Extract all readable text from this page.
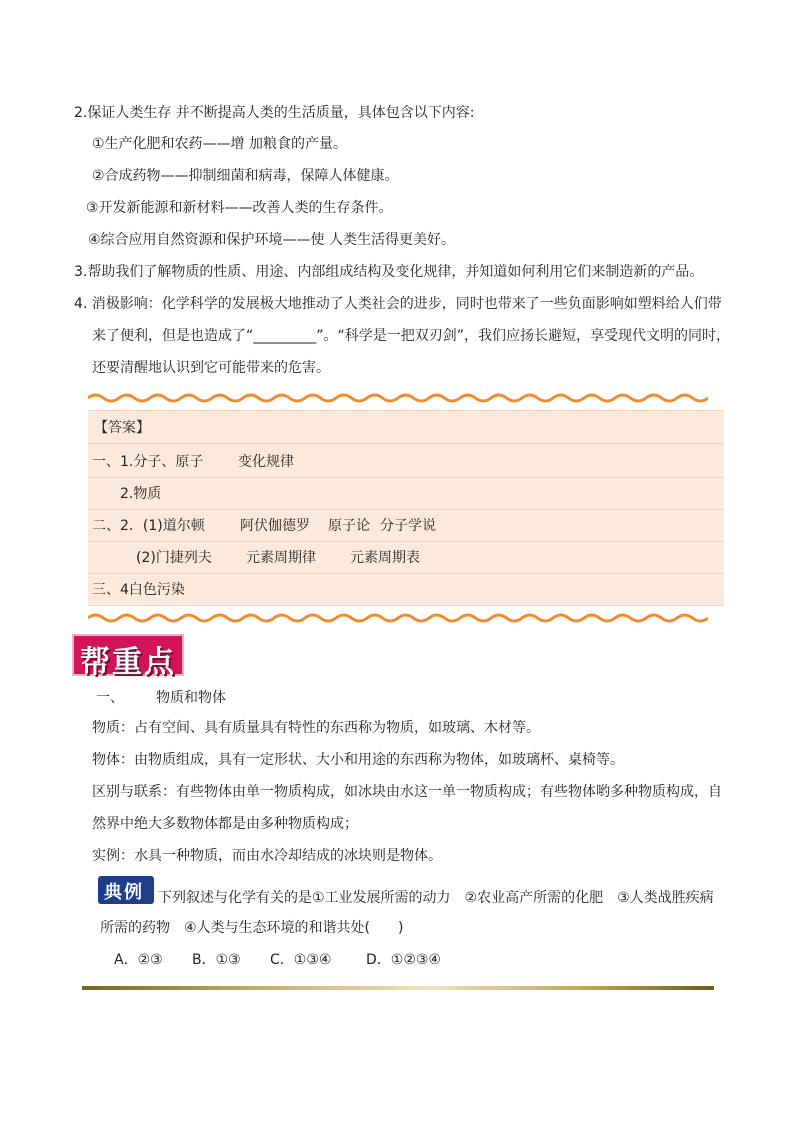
2.保证人类生存 并不断提高人类的生活质量，具体包含以下内容:
①生产化肥和农药——增 加粮食的产量。
②合成药物——抑制细菌和病毒，保障人体健康。
③开发新能源和新材料——改善人类的生存条件。
④综合应用自然资源和保护环境——使 人类生活得更美好。
3.帮助我们了解物质的性质、用途、内部组成结构及变化规律，并知道如何利用它们来制造新的产品。
4. 消极影响：化学科学的发展极大地推动了人类社会的进步，同时也带来了一些负面影响如塑料给人们带
来了便利，但是也造成了“_________”。“科学是一把双刃剑”，我们应扬长避短，享受现代文明的同时，
还要清醒地认识到它可能带来的危害。
【答案】
一、1.分子、原子 变化规律
2.物质
二、2．(1)道尔顿	阿伏伽德罗 原子论 分子学说
(2)门捷列夫 元素周期律 元素周期表
三、4白色污染
帮重点
一、 物质和物体
物质：占有空间、具有质量具有特性的东西称为物质，如玻璃、木材等。
物体：由物质组成，具有一定形状、大小和用途的东西称为物体，如玻璃杯、桌椅等。
区别与联系：有些物体由单一物质构成，如冰块由水这一单一物质构成；有些物体哟多种物质构成，自
然界中绝大多数物体都是由多种物质构成；
实例：水具一种物质，而由水冷却结成的冰块则是物体。
典例 下列叙述与化学有关的是①工业发展所需的动力　②农业高产所需的化肥　③人类战胜疾病
所需的药物　④人类与生态环境的和谐共处(　　)
A．②③ B．①③ C．①③④ D．①②③④
